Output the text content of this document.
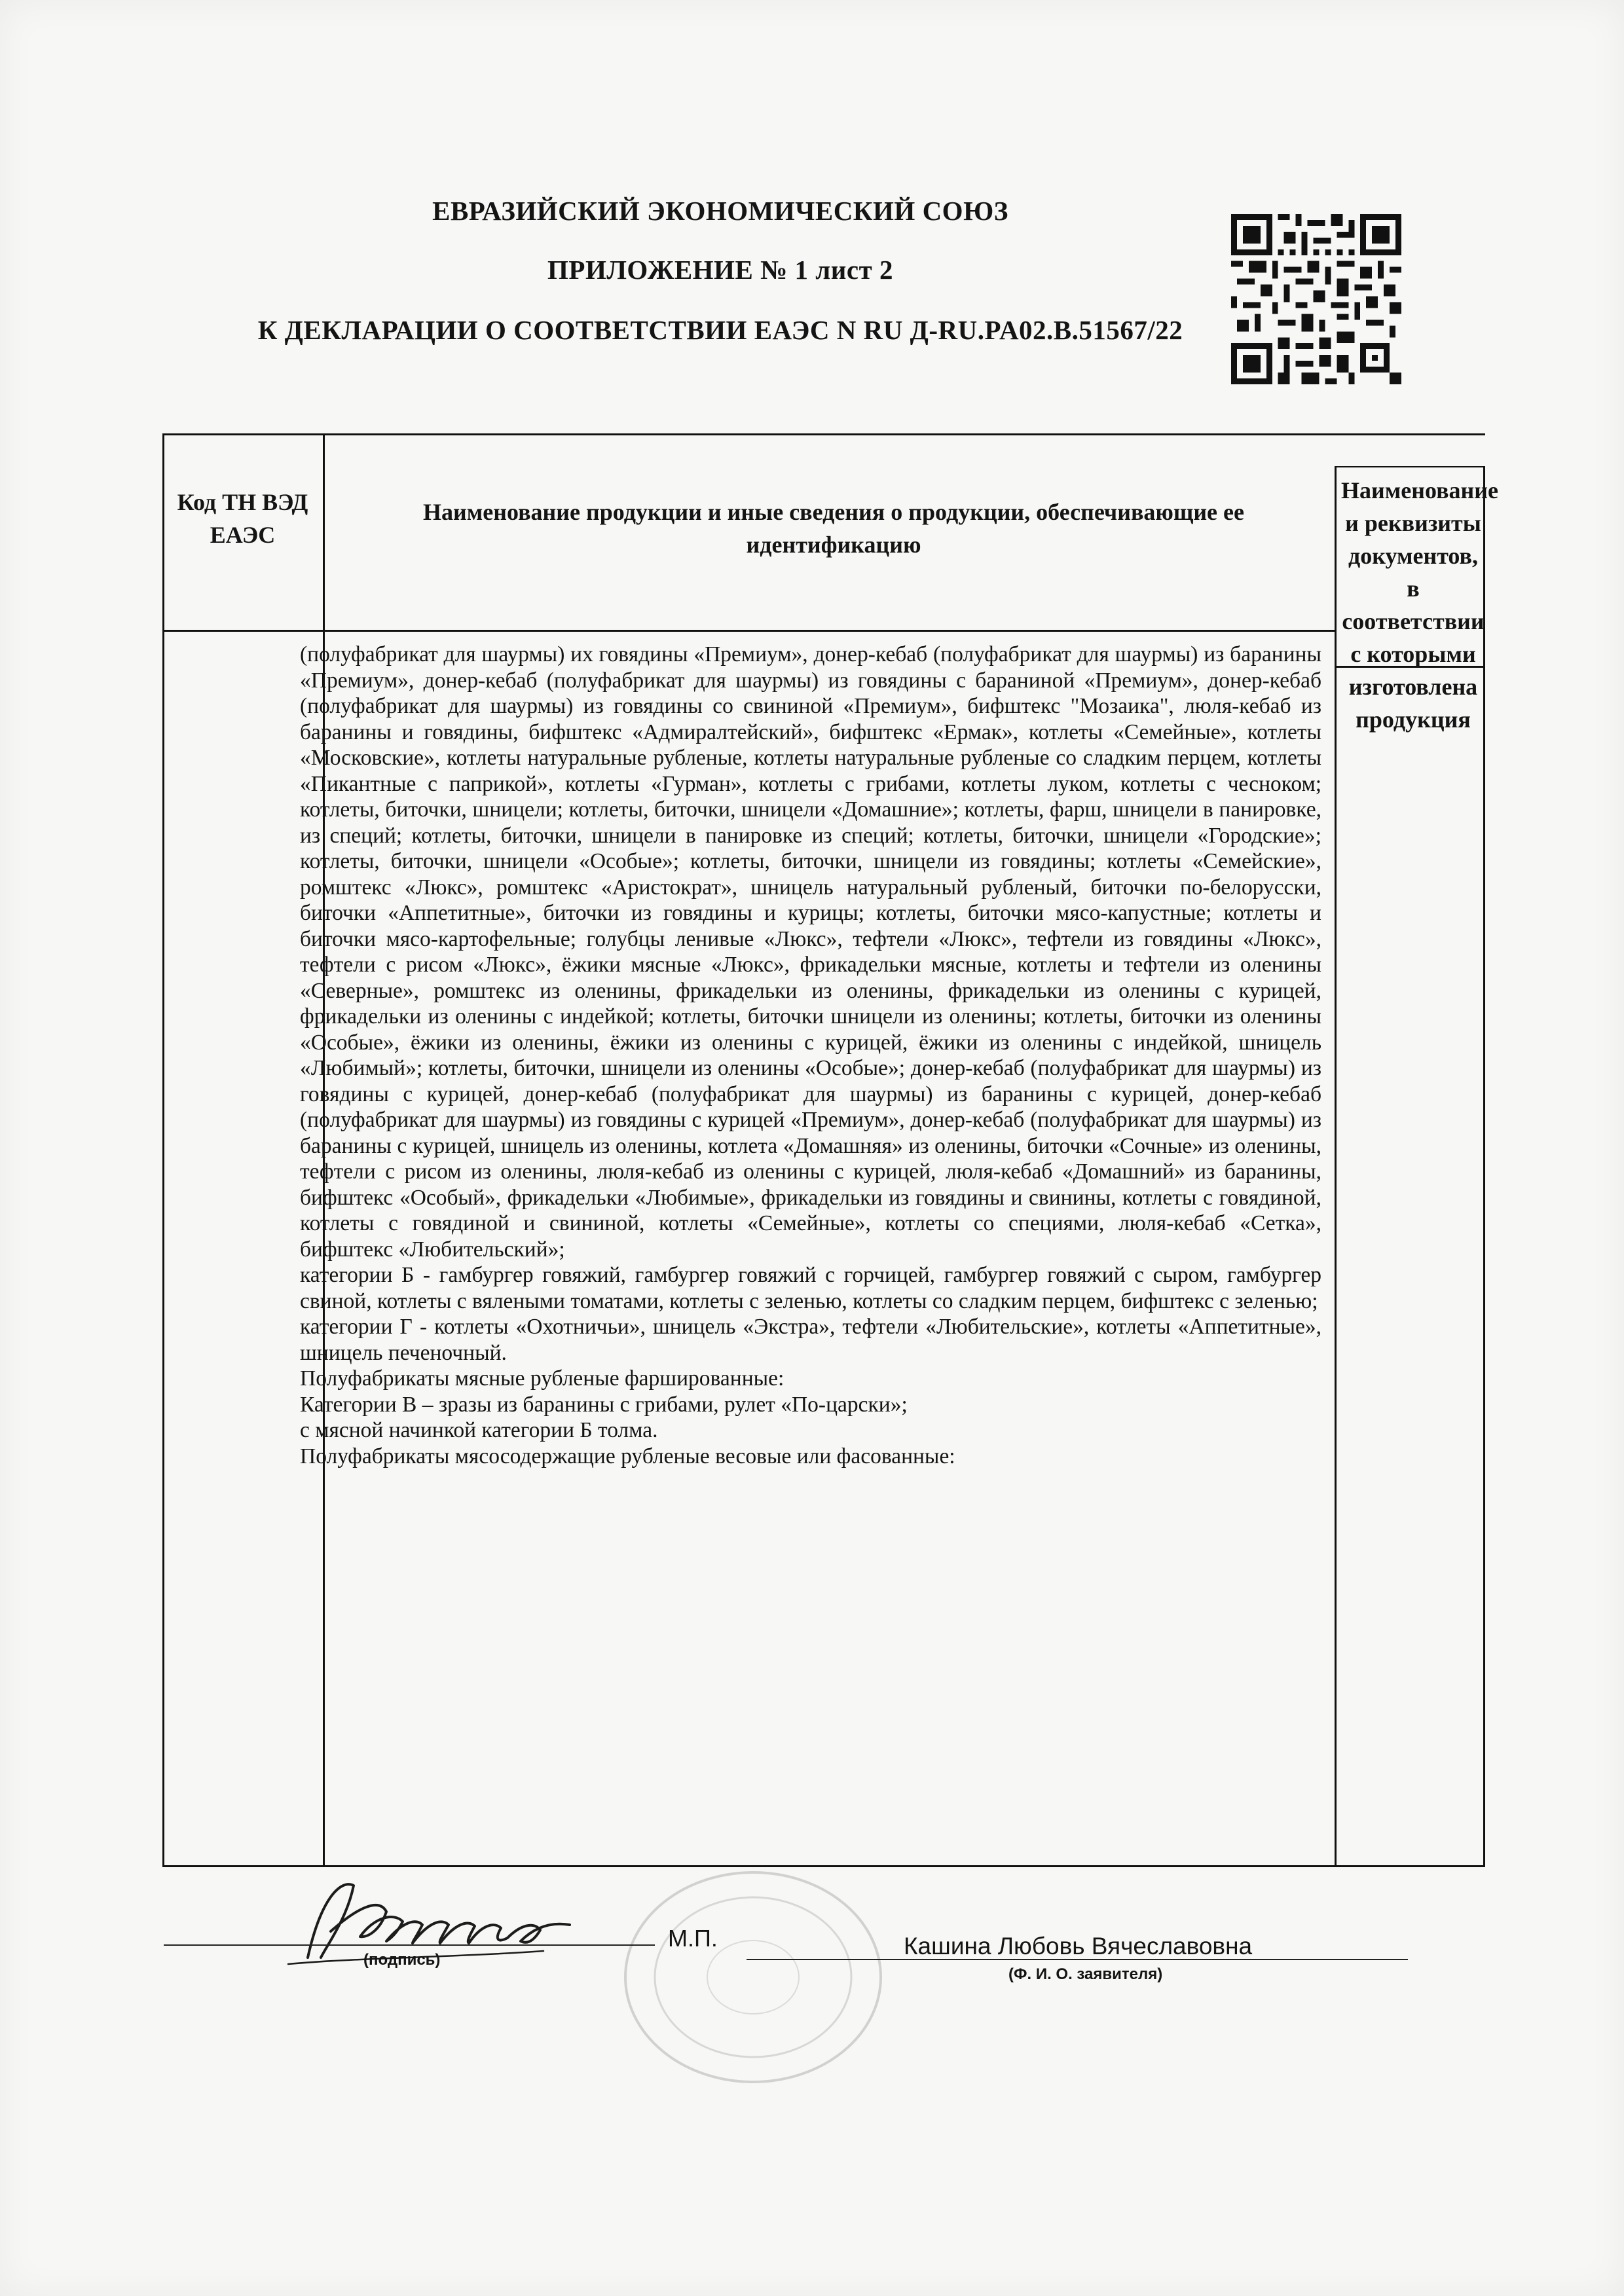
ЕВРАЗИЙСКИЙ ЭКОНОМИЧЕСКИЙ СОЮЗ
ПРИЛОЖЕНИЕ № 1 лист 2
К ДЕКЛАРАЦИИ О СООТВЕТСТВИИ ЕАЭС N RU Д-RU.PA02.B.51567/22
Код ТН ВЭД ЕАЭС
Наименование продукции и иные сведения о продукции, обеспечивающие ее идентификацию
Наименование и реквизиты документов, в соответствии с которыми изготовлена продукция

(полуфабрикат для шаурмы) их говядины «Премиум», донер-кебаб (полуфабрикат для шаурмы) из баранины «Премиум», донер-кебаб (полуфабрикат для шаурмы) из говядины с бараниной «Премиум», донер-кебаб (полуфабрикат для шаурмы) из говядины со свининой «Премиум», бифштекс "Мозаика", люля-кебаб из баранины и говядины, бифштекс «Адмиралтейский», бифштекс «Ермак», котлеты «Семейные», котлеты «Московские», котлеты натуральные рубленые, котлеты натуральные рубленые со сладким перцем, котлеты «Пикантные с паприкой», котлеты «Гурман», котлеты с грибами, котлеты луком, котлеты с чесноком; котлеты, биточки, шницели; котлеты, биточки, шницели «Домашние»; котлеты, фарш, шницели в панировке, из специй; котлеты, биточки, шницели в панировке из специй; котлеты, биточки, шницели «Городские»; котлеты, биточки, шницели «Особые»; котлеты, биточки, шницели из говядины; котлеты «Семейские», ромштекс «Люкс», ромштекс «Аристократ», шницель натуральный рубленый, биточки по-белорусски, биточки «Аппетитные», биточки из говядины и курицы; котлеты, биточки мясо-капустные; котлеты и биточки мясо-картофельные; голубцы ленивые «Люкс», тефтели «Люкс», тефтели из говядины «Люкс», тефтели с рисом «Люкс», ёжики мясные «Люкс», фрикадельки мясные, котлеты и тефтели из оленины «Северные», ромштекс из оленины, фрикадельки из оленины, фрикадельки из оленины с курицей, фрикадельки из оленины с индейкой; котлеты, биточки шницели из оленины; котлеты, биточки из оленины «Особые», ёжики из оленины, ёжики из оленины с курицей, ёжики из оленины с индейкой, шницель «Любимый»; котлеты, биточки, шницели из оленины «Особые»; донер-кебаб (полуфабрикат для шаурмы) из говядины с курицей, донер-кебаб (полуфабрикат для шаурмы) из баранины с курицей, донер-кебаб (полуфабрикат для шаурмы) из говядины с курицей «Премиум», донер-кебаб (полуфабрикат для шаурмы) из баранины с курицей, шницель из оленины, котлета «Домашняя» из оленины, биточки «Сочные» из оленины, тефтели с рисом из оленины, люля-кебаб из оленины с курицей, люля-кебаб «Домашний» из баранины, бифштекс «Особый», фрикадельки «Любимые», фрикадельки из говядины и свинины, котлеты с говядиной, котлеты с говядиной и свининой, котлеты «Семейные», котлеты со специями, люля-кебаб «Сетка», бифштекс «Любительский»;

категории Б - гамбургер говяжий, гамбургер говяжий с горчицей, гамбургер говяжий с сыром, гамбургер свиной, котлеты с вялеными томатами, котлеты с зеленью, котлеты со сладким перцем, бифштекс с зеленью;

категории Г - котлеты «Охотничьи», шницель «Экстра», тефтели «Любительские», котлеты «Аппетитные», шницель печеночный.

Полуфабрикаты мясные рубленые фаршированные:

Категории В – зразы из баранины с грибами, рулет «По-царски»;

с мясной начинкой категории Б толма.

Полуфабрикаты мясосодержащие рубленые весовые или фасованные:

(подпись)
М.П.	Кашина Любовь Вячеславовна
(Ф. И. О. заявителя)
